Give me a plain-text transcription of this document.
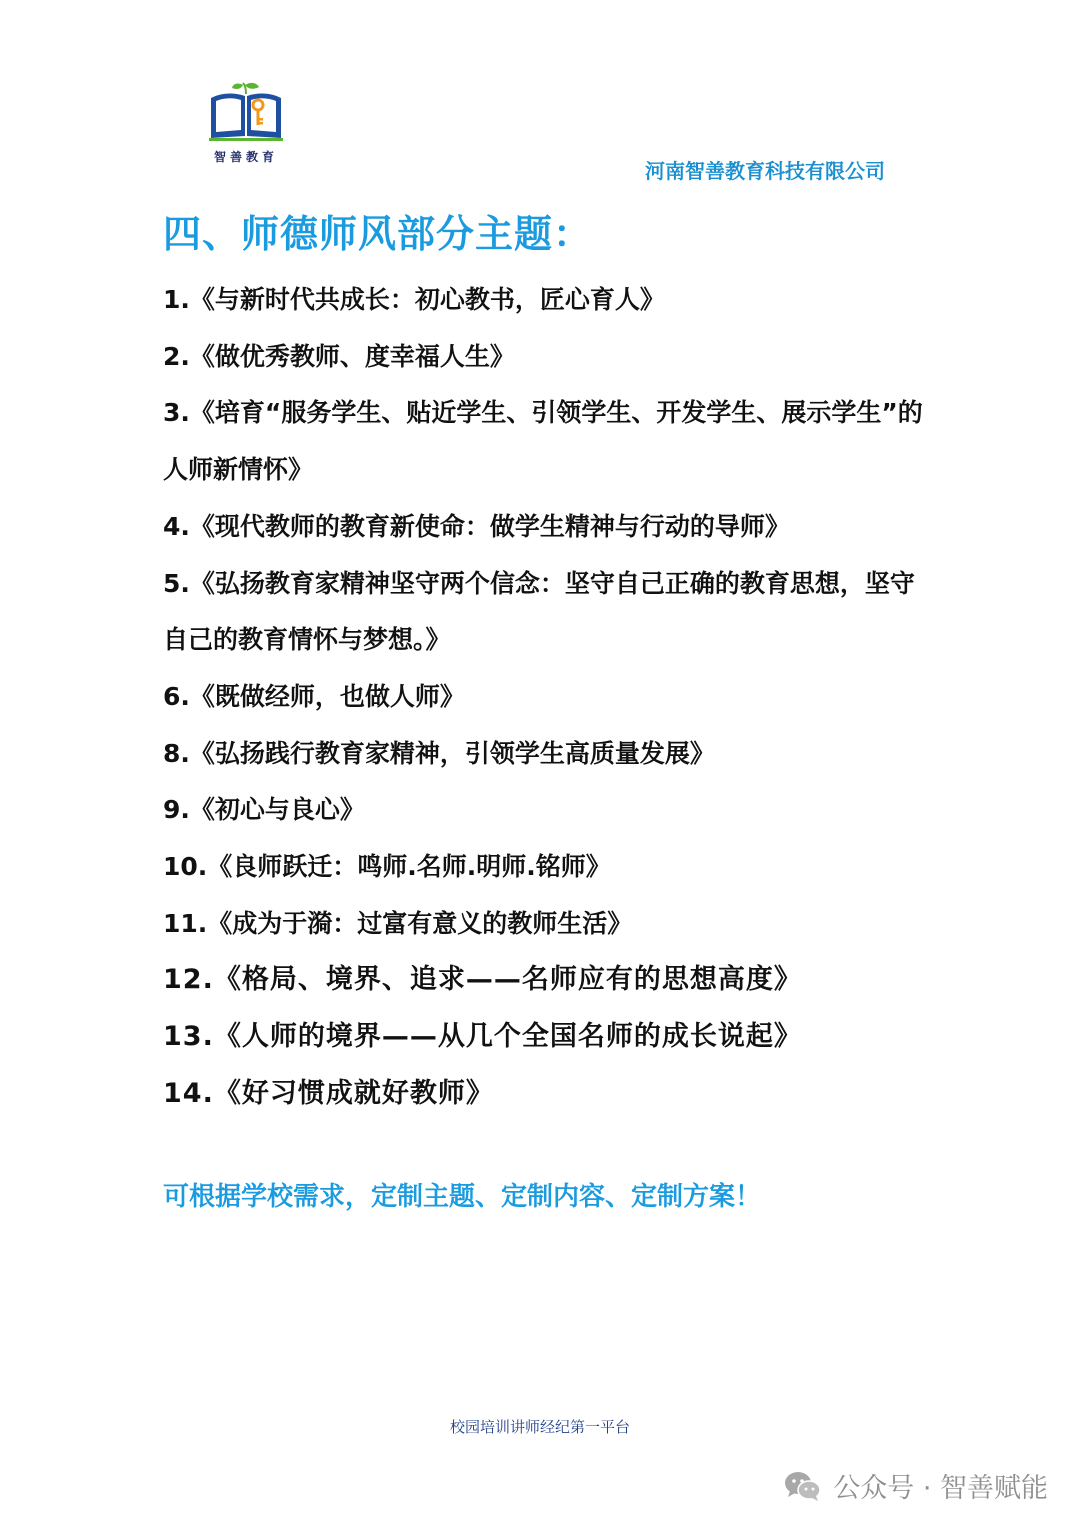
智善教育
河南智善教育科技有限公司
四、师德师风部分主题：
1.《与新时代共成长：初心教书，匠心育人》
2.《做优秀教师、度幸福人生》
3.《培育“服务学生、贴近学生、引领学生、开发学生、展示学生”的人师新情怀》
4.《现代教师的教育新使命：做学生精神与行动的导师》
5.《弘扬教育家精神坚守两个信念：坚守自己正确的教育思想，坚守自己的教育情怀与梦想。》
6.《既做经师，也做人师》
8.《弘扬践行教育家精神，引领学生高质量发展》
9.《初心与良心》
10.《良师跃迁：鸣师.名师.明师.铭师》
11.《成为于漪：过富有意义的教师生活》
12.《格局、境界、追求——名师应有的思想高度》
13.《人师的境界——从几个全国名师的成长说起》
14.《好习惯成就好教师》
可根据学校需求，定制主题、定制内容、定制方案！
校园培训讲师经纪第一平台
公众号 · 智善赋能
